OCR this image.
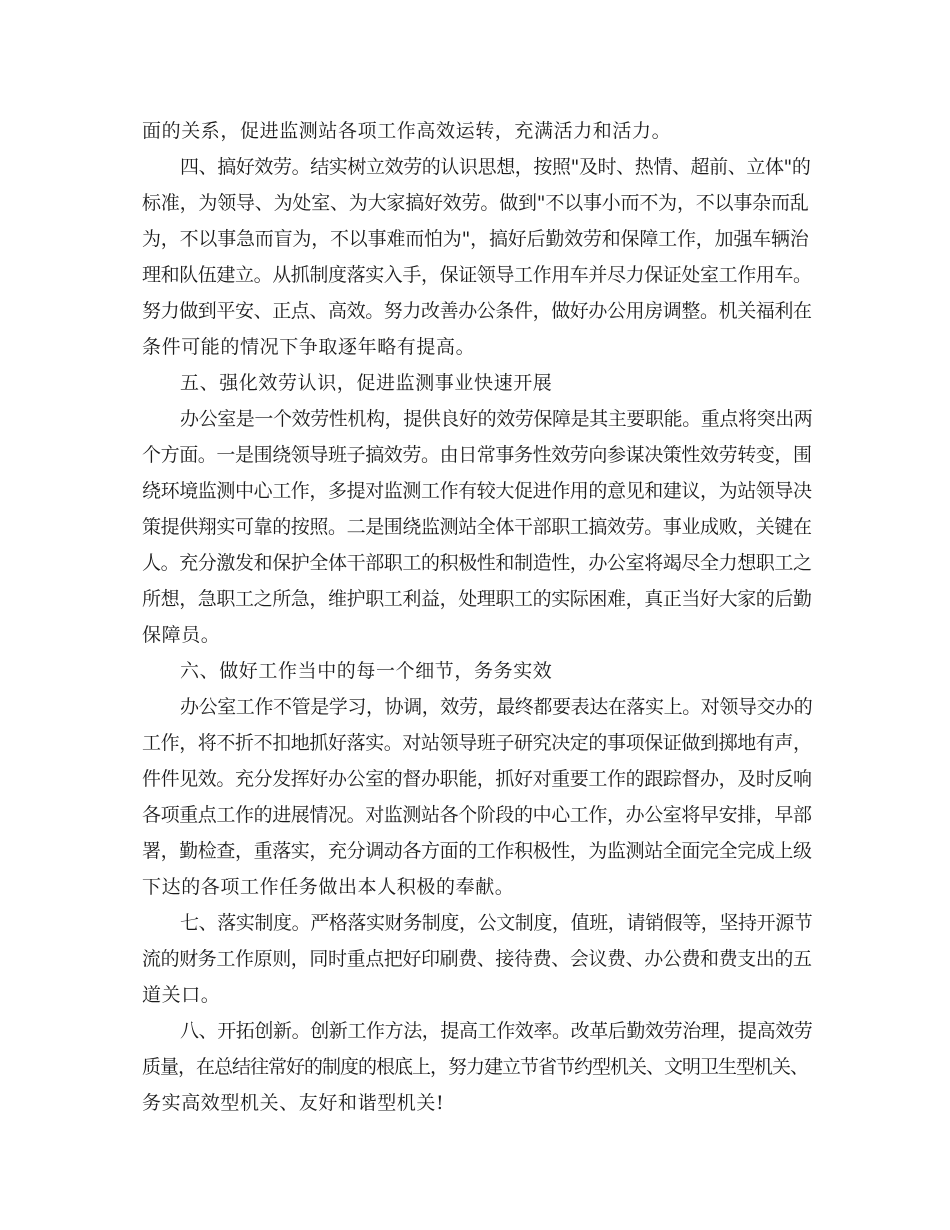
面的关系，促进监测站各项工作高效运转，充满活力和活力。
四、搞好效劳。结实树立效劳的认识思想，按照"及时、热情、超前、立体"的
标准，为领导、为处室、为大家搞好效劳。做到"不以事小而不为，不以事杂而乱
为，不以事急而盲为，不以事难而怕为"，搞好后勤效劳和保障工作，加强车辆治
理和队伍建立。从抓制度落实入手，保证领导工作用车并尽力保证处室工作用车。
努力做到平安、正点、高效。努力改善办公条件，做好办公用房调整。机关福利在
条件可能的情况下争取逐年略有提高。
五、强化效劳认识，促进监测事业快速开展
办公室是一个效劳性机构，提供良好的效劳保障是其主要职能。重点将突出两
个方面。一是围绕领导班子搞效劳。由日常事务性效劳向参谋决策性效劳转变，围
绕环境监测中心工作，多提对监测工作有较大促进作用的意见和建议，为站领导决
策提供翔实可靠的按照。二是围绕监测站全体干部职工搞效劳。事业成败，关键在
人。充分激发和保护全体干部职工的积极性和制造性，办公室将竭尽全力想职工之
所想，急职工之所急，维护职工利益，处理职工的实际困难，真正当好大家的后勤
保障员。
六、做好工作当中的每一个细节，务务实效
办公室工作不管是学习，协调，效劳，最终都要表达在落实上。对领导交办的
工作，将不折不扣地抓好落实。对站领导班子研究决定的事项保证做到掷地有声，
件件见效。充分发挥好办公室的督办职能，抓好对重要工作的跟踪督办，及时反响
各项重点工作的进展情况。对监测站各个阶段的中心工作，办公室将早安排，早部
署，勤检查，重落实，充分调动各方面的工作积极性，为监测站全面完全完成上级
下达的各项工作任务做出本人积极的奉献。
七、落实制度。严格落实财务制度，公文制度，值班，请销假等，坚持开源节
流的财务工作原则，同时重点把好印刷费、接待费、会议费、办公费和费支出的五
道关口。
八、开拓创新。创新工作方法，提高工作效率。改革后勤效劳治理，提高效劳
质量，在总结往常好的制度的根底上，努力建立节省节约型机关、文明卫生型机关、
务实高效型机关、友好和谐型机关!
